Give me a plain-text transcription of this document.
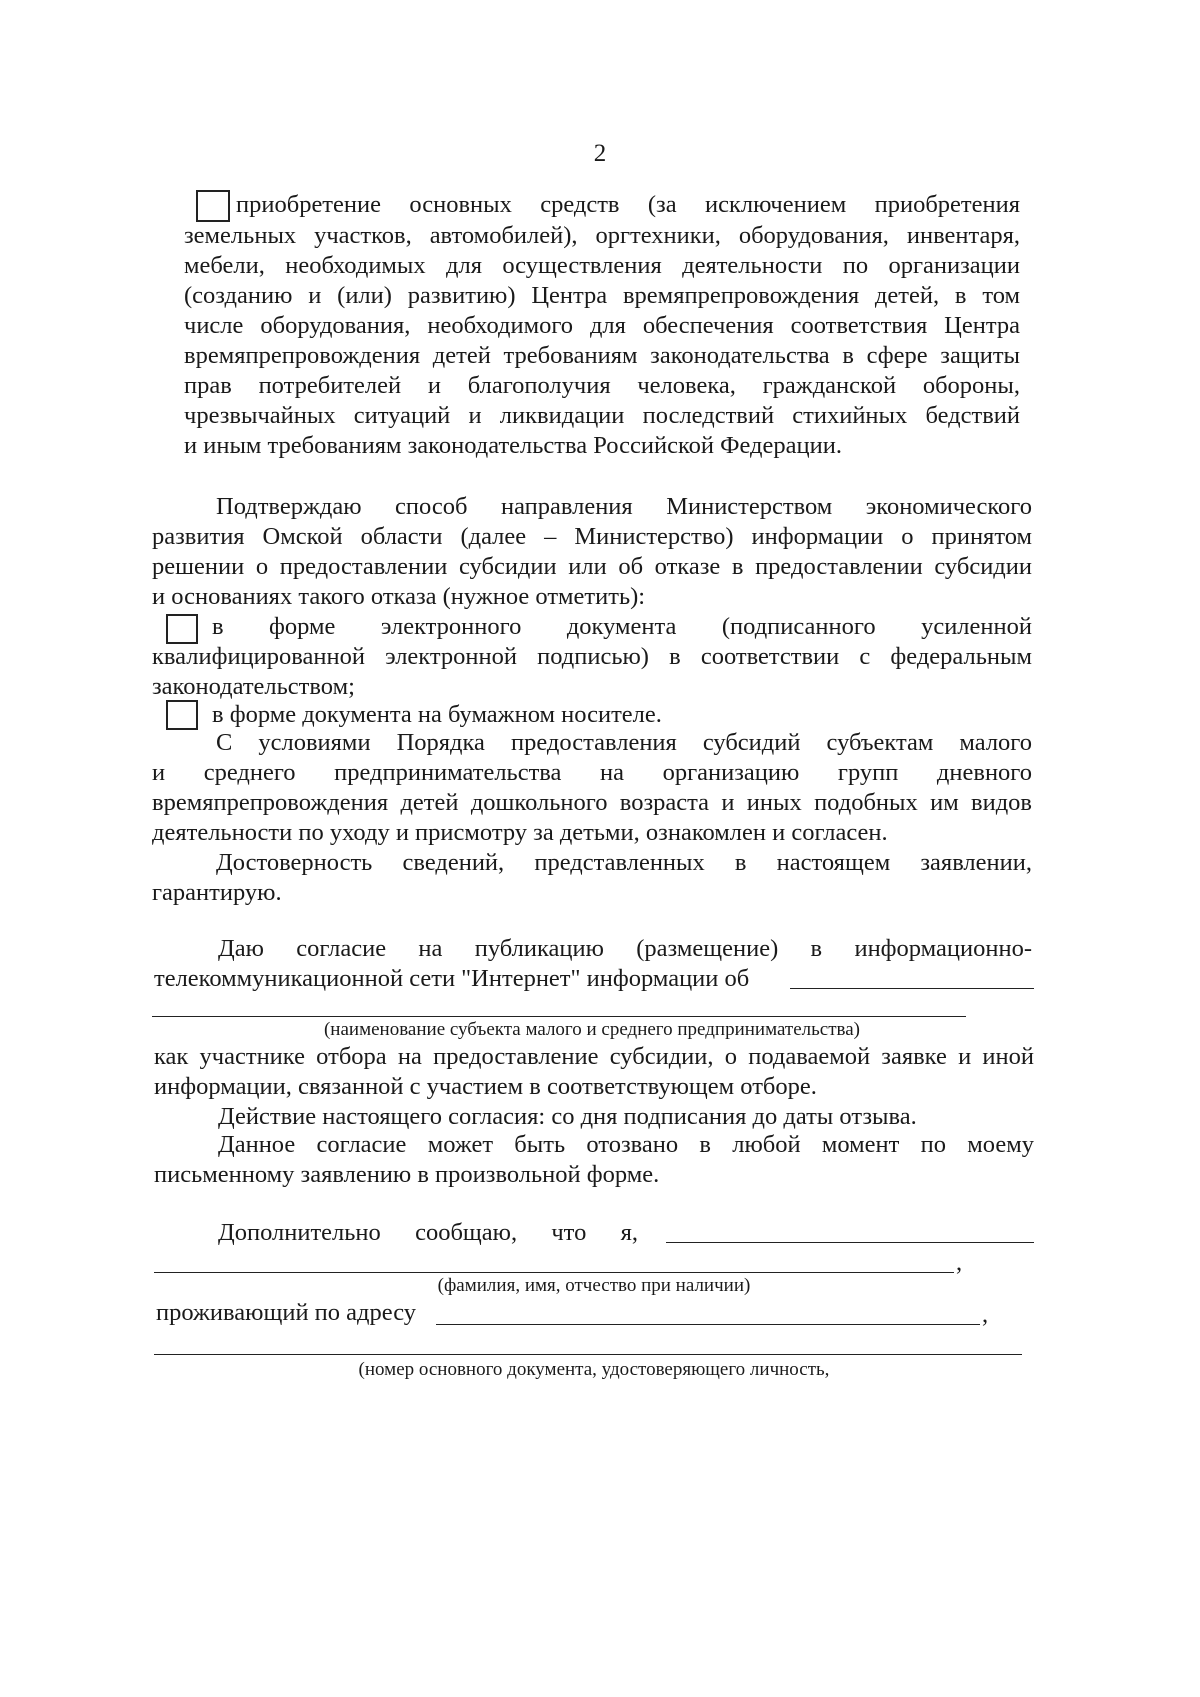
2
приобретение основных средств (за исключением приобретения
земельных участков, автомобилей), оргтехники, оборудования, инвентаря,
мебели, необходимых для осуществления деятельности по организации
(созданию и (или) развитию) Центра времяпрепровождения детей, в том
числе оборудования, необходимого для обеспечения соответствия Центра
времяпрепровождения детей требованиям законодательства в сфере защиты
прав потребителей и благополучия человека, гражданской обороны,
чрезвычайных ситуаций и ликвидации последствий стихийных бедствий
и иным требованиям законодательства Российской Федерации.
Подтверждаю способ направления Министерством экономического
развития Омской области (далее – Министерство) информации о принятом
решении о предоставлении субсидии или об отказе в предоставлении субсидии
и основаниях такого отказа (нужное отметить):
в форме электронного документа (подписанного усиленной
квалифицированной электронной подписью) в соответствии с федеральным
законодательством;
в форме документа на бумажном носителе.
С условиями Порядка предоставления субсидий субъектам малого
и среднего предпринимательства на организацию групп дневного
времяпрепровождения детей дошкольного возраста и иных подобных им видов
деятельности по уходу и присмотру за детьми, ознакомлен и согласен.
Достоверность сведений, представленных в настоящем заявлении,
гарантирую.
Даю согласие на публикацию (размещение) в информационно-
телекоммуникационной сети "Интернет" информации об
(наименование субъекта малого и среднего предпринимательства)
как участнике отбора на предоставление субсидии, о подаваемой заявке и иной
информации, связанной с участием в соответствующем отборе.
Действие настоящего согласия: со дня подписания до даты отзыва.
Данное согласие может быть отозвано в любой момент по моему
письменному заявлению в произвольной форме.
Дополнительно сообщаю, что я,
,
(фамилия, имя, отчество при наличии)
проживающий по адресу	,
(номер основного документа, удостоверяющего личность,
